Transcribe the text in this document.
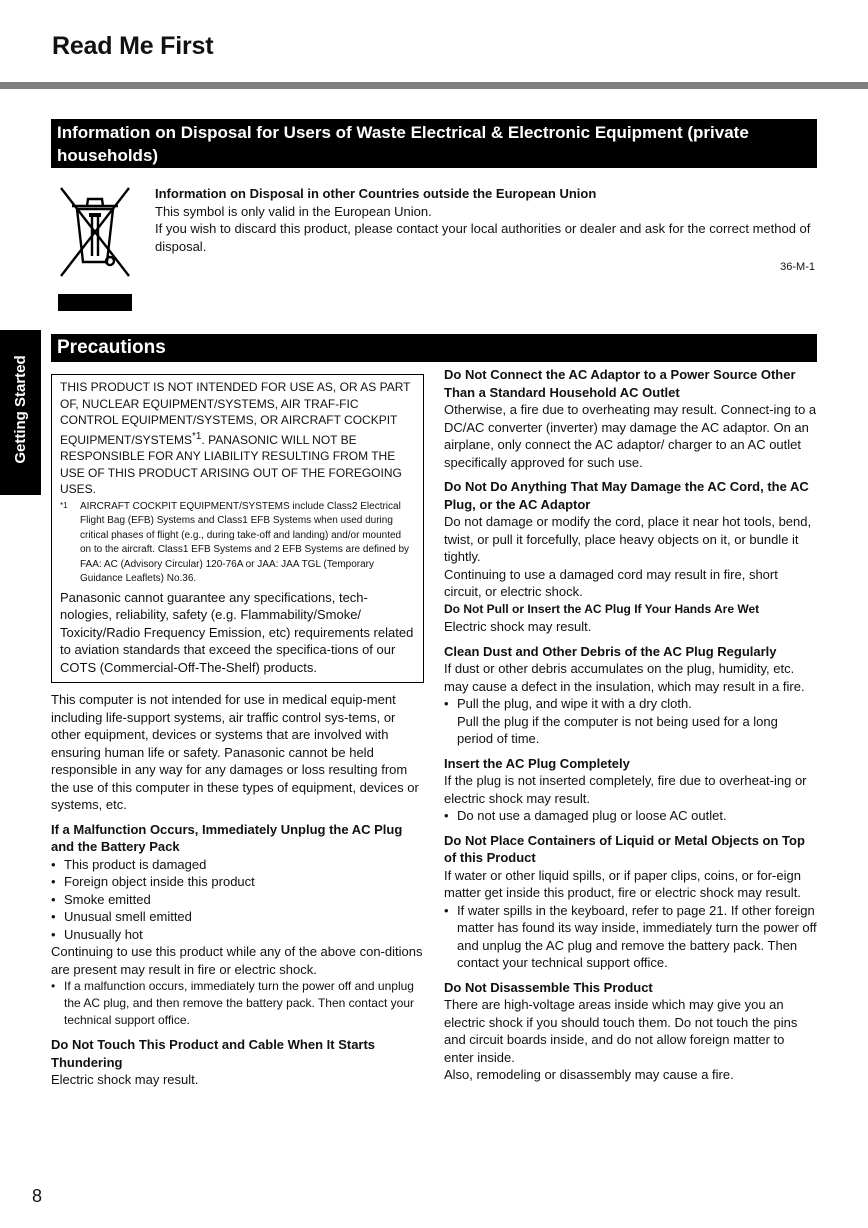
Read Me First
Getting Started
Information on Disposal for Users of Waste Electrical & Electronic Equipment (private households)

Information on Disposal in other Countries outside the European Union

This symbol is only valid in the European Union.

If you wish to discard this product, please contact your local authorities or dealer and ask for the correct method of disposal.

36-M-1

Precautions
THIS PRODUCT IS NOT INTENDED FOR USE AS, OR AS PART OF, NUCLEAR EQUIPMENT/SYSTEMS, AIR TRAF-FIC CONTROL EQUIPMENT/SYSTEMS, OR AIRCRAFT COCKPIT EQUIPMENT/SYSTEMS$^{*1}$. PANASONIC WILL NOT BE RESPONSIBLE FOR ANY LIABILITY RESULTING FROM THE USE OF THIS PRODUCT ARISING OUT OF THE FOREGOING USES.
*1	AIRCRAFT COCKPIT EQUIPMENT/SYSTEMS include Class2 Electrical Flight Bag (EFB) Systems and Class1 EFB Systems when used during critical phases of flight (e.g., during take-off and landing) and/or mounted on to the aircraft. Class1 EFB Systems and 2 EFB Systems are defined by FAA: AC (Advisory Circular) 120-76A or JAA: JAA TGL (Temporary Guidance Leaflets) No.36.
Panasonic cannot guarantee any specifications, tech-nologies, reliability, safety (e.g. Flammability/Smoke/ Toxicity/Radio Frequency Emission, etc) requirements related to aviation standards that exceed the specifica-tions of our COTS (Commercial-Off-The-Shelf) products.

This computer is not intended for use in medical equip-ment including life-support systems, air traffic control sys-tems, or other equipment, devices or systems that are involved with ensuring human life or safety. Panasonic cannot be held responsible in any way for any damages or loss resulting from the use of this computer in these types of equipment, devices or systems, etc.

If a Malfunction Occurs, Immediately Unplug the AC Plug and the Battery Pack

• This product is damaged
• Foreign object inside this product
• Smoke emitted
• Unusual smell emitted
• Unusually hot

Continuing to use this product while any of the above con-ditions are present may result in fire or electric shock.

• If a malfunction occurs, immediately turn the power off and unplug the AC plug, and then remove the battery pack. Then contact your technical support office.

Do Not Touch This Product and Cable When It Starts Thundering

Electric shock may result.

Do Not Connect the AC Adaptor to a Power Source Other Than a Standard Household AC Outlet

Otherwise, a fire due to overheating may result. Connect-ing to a DC/AC converter (inverter) may damage the AC adaptor. On an airplane, only connect the AC adaptor/ charger to an AC outlet specifically approved for such use.

Do Not Do Anything That May Damage the AC Cord, the AC Plug, or the AC Adaptor

Do not damage or modify the cord, place it near hot tools, bend, twist, or pull it forcefully, place heavy objects on it, or bundle it tightly.

Continuing to use a damaged cord may result in fire, short circuit, or electric shock.

Do Not Pull or Insert the AC Plug If Your Hands Are Wet

Electric shock may result.

Clean Dust and Other Debris of the AC Plug Regularly

If dust or other debris accumulates on the plug, humidity, etc. may cause a defect in the insulation, which may result in a fire.

• Pull the plug, and wipe it with a dry cloth.
Pull the plug if the computer is not being used for a long period of time.

Insert the AC Plug Completely

If the plug is not inserted completely, fire due to overheat-ing or electric shock may result.

• Do not use a damaged plug or loose AC outlet.

Do Not Place Containers of Liquid or Metal Objects on Top of this Product

If water or other liquid spills, or if paper clips, coins, or for-eign matter get inside this product, fire or electric shock may result.

• If water spills in the keyboard, refer to page 21. If other foreign matter has found its way inside, immediately turn the power off and unplug the AC plug and remove the battery pack. Then contact your technical support office.

Do Not Disassemble This Product

There are high-voltage areas inside which may give you an electric shock if you should touch them. Do not touch the pins and circuit boards inside, and do not allow foreign matter to enter inside.

Also, remodeling or disassembly may cause a fire.

8
